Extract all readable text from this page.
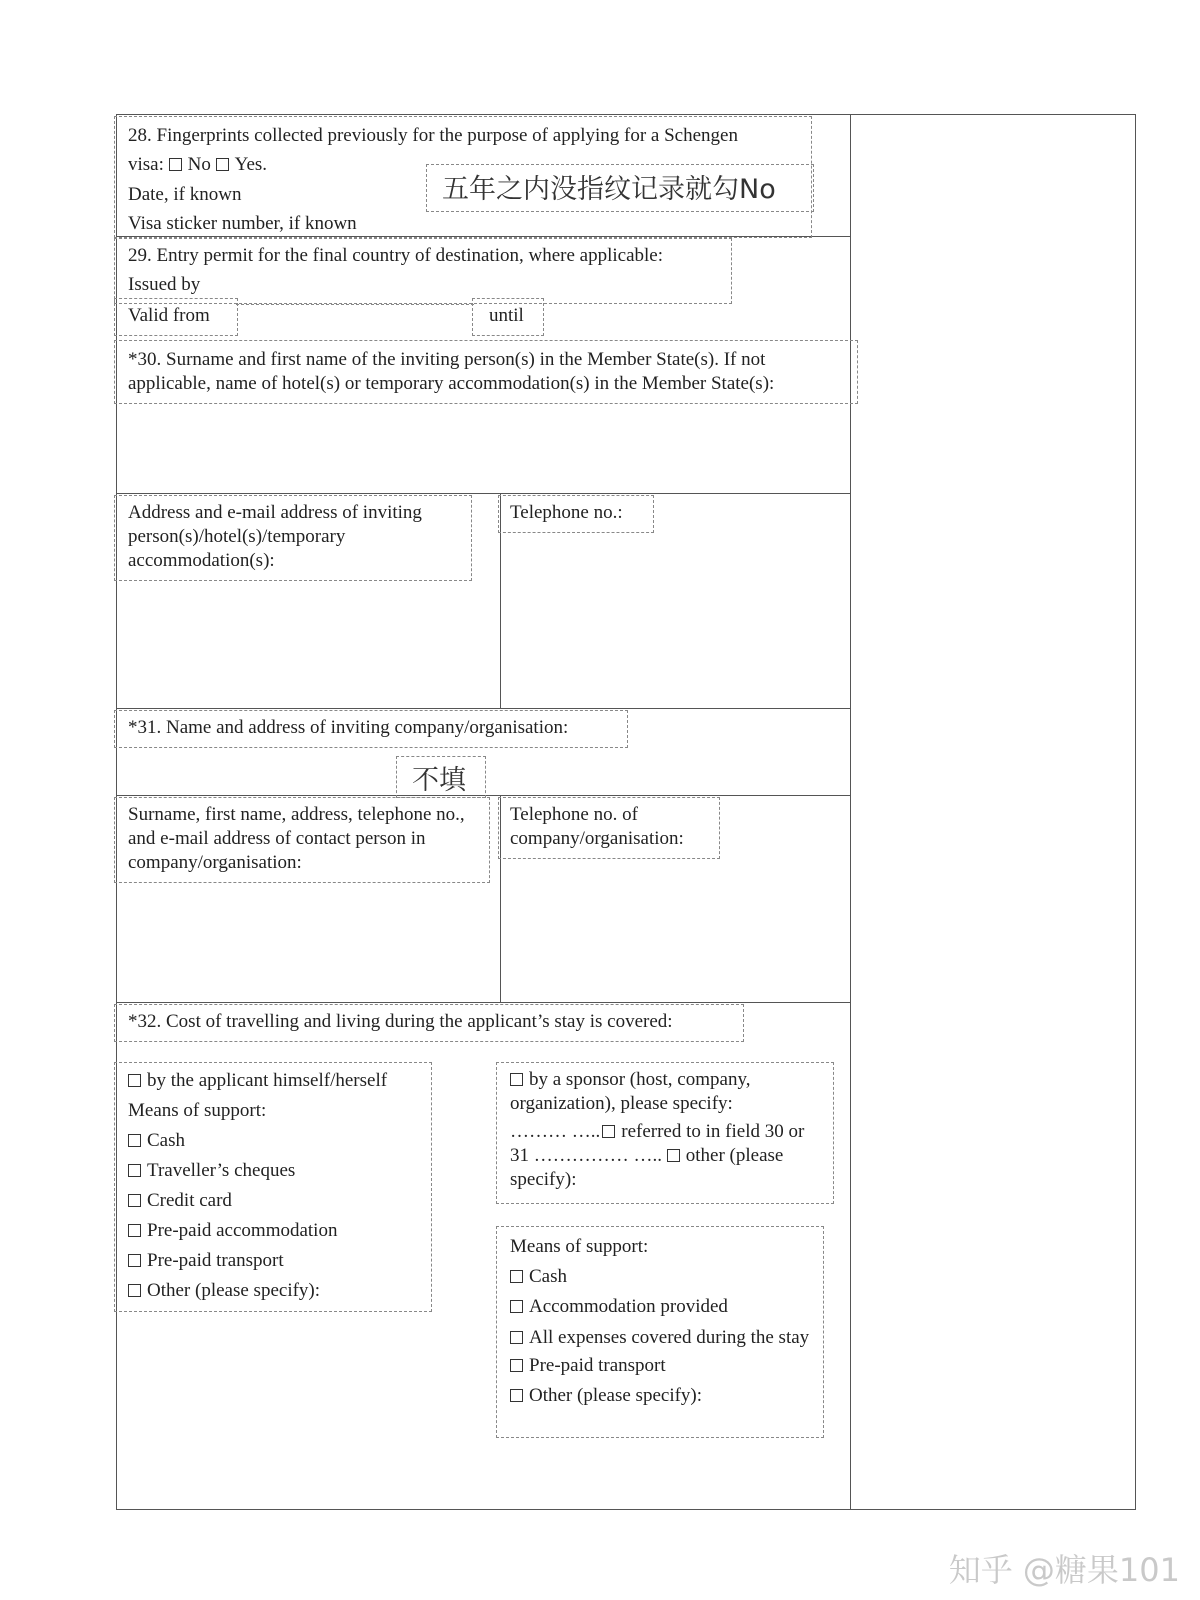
28. Fingerprints collected previously for the purpose of applying for a Schengen
visa: No Yes.
Date, if known
Visa sticker number, if known
五年之内没指纹记录就勾No
29. Entry permit for the final country of destination, where applicable:
Issued by
Valid from	until
*30. Surname and first name of the inviting person(s) in the Member State(s). If not applicable, name of hotel(s) or temporary accommodation(s) in the Member State(s):
Address and e-mail address of inviting person(s)/hotel(s)/temporary accommodation(s):
Telephone no.:
*31. Name and address of inviting company/organisation:
不填
Surname, first name, address, telephone no., and e-mail address of contact person in company/organisation:
Telephone no. of company/organisation:
*32. Cost of travelling and living during the applicant’s stay is covered:
by the applicant himself/herself
Means of support:
Cash
Traveller’s cheques
Credit card
Pre-paid accommodation
Pre-paid transport
Other (please specify):
by a sponsor (host, company,
organization), please specify:
……… ….. referred to in field 30 or
31 …………… ….. other (please
specify):
Means of support:
Cash
Accommodation provided
All expenses covered during the stay
Pre-paid transport
Other (please specify):
知乎 @糖果101
